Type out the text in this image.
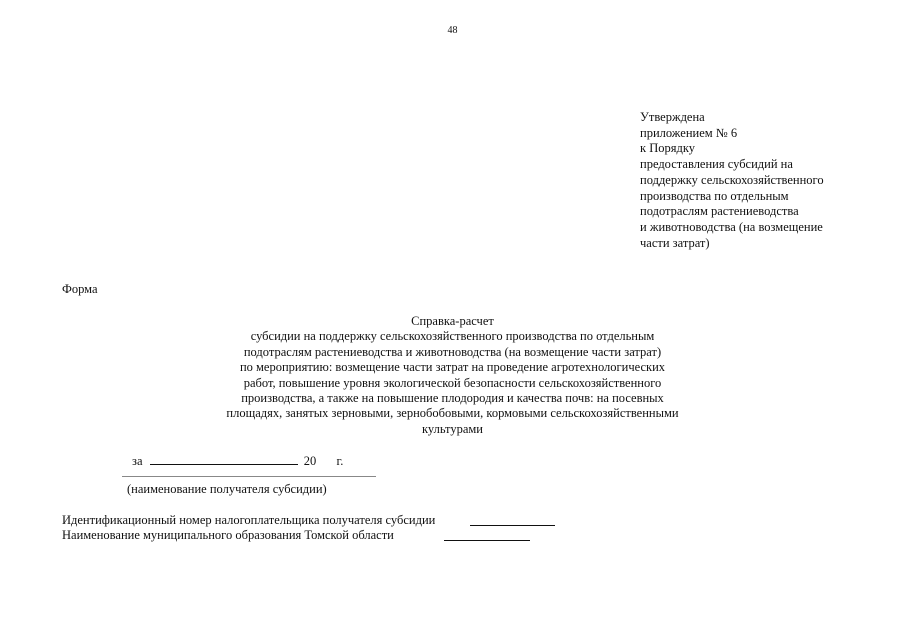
48
Утверждена
приложением № 6
к Порядку
предоставления субсидий на
поддержку сельскохозяйственного
производства по отдельным
подотраслям растениеводства
и животноводства (на возмещение
части затрат)
Форма
Справка-расчет
субсидии на поддержку сельскохозяйственного производства по отдельным
подотраслям растениеводства и животноводства (на возмещение части затрат)
по мероприятию: возмещение части затрат на проведение агротехнологических
работ, повышение уровня экологической безопасности сельскохозяйственного
производства, а также на повышение плодородия и качества почв: на посевных
площадях, занятых зерновыми, зернобобовыми, кормовыми сельскохозяйственными
культурами
за	20 г.
(наименование получателя субсидии)
Идентификационный номер налогоплательщика получателя субсидии
Наименование муниципального образования Томской области
